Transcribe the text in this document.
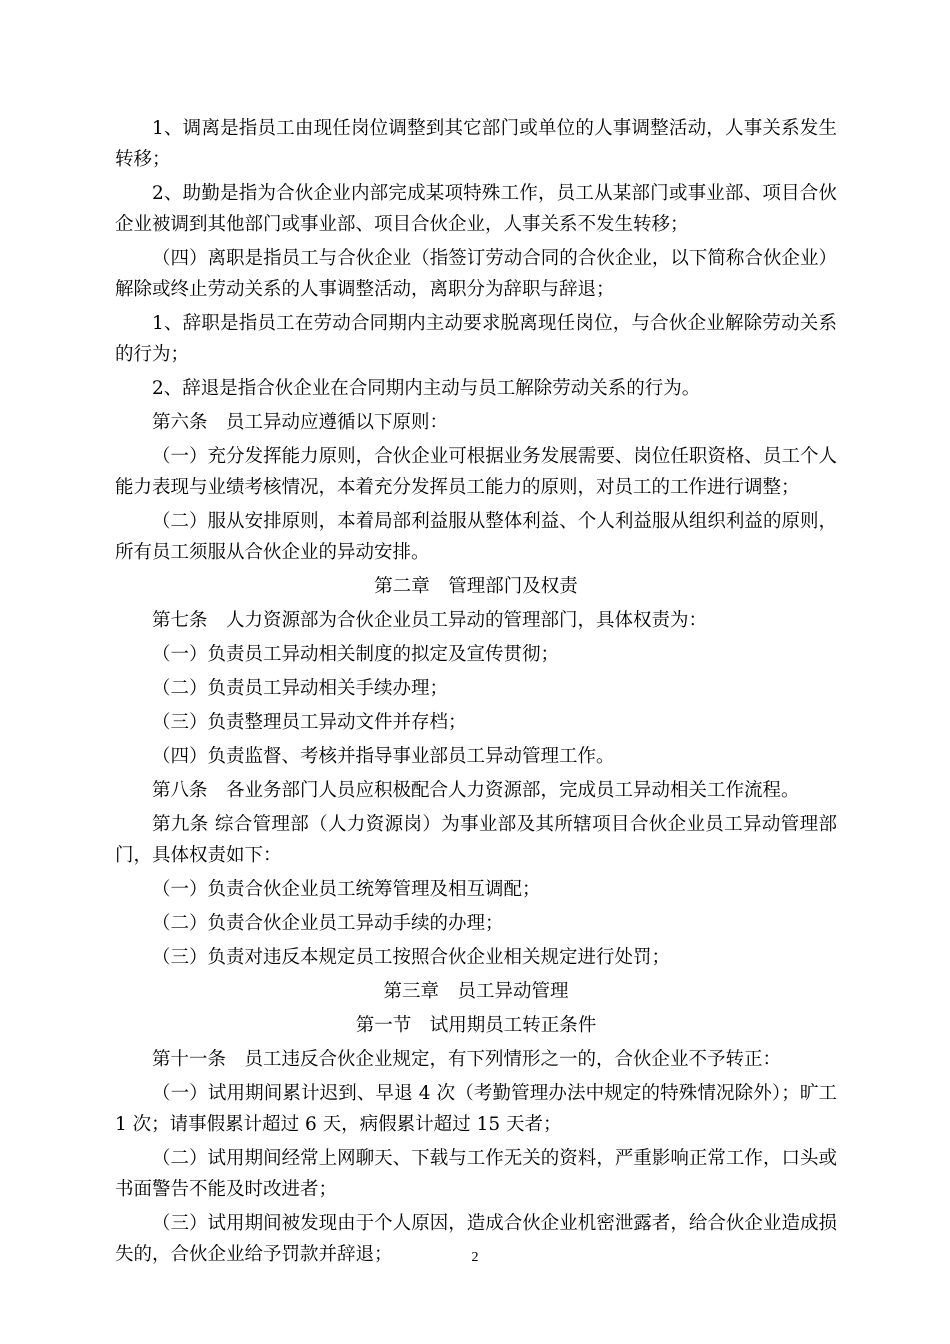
1、调离是指员工由现任岗位调整到其它部门或单位的人事调整活动，人事关系发生转移；

2、助勤是指为合伙企业内部完成某项特殊工作，员工从某部门或事业部、项目合伙企业被调到其他部门或事业部、项目合伙企业，人事关系不发生转移；

（四）离职是指员工与合伙企业（指签订劳动合同的合伙企业，以下简称合伙企业）解除或终止劳动关系的人事调整活动，离职分为辞职与辞退；

1、辞职是指员工在劳动合同期内主动要求脱离现任岗位，与合伙企业解除劳动关系的行为；

2、辞退是指合伙企业在合同期内主动与员工解除劳动关系的行为。

第六条　员工异动应遵循以下原则：

（一）充分发挥能力原则，合伙企业可根据业务发展需要、岗位任职资格、员工个人能力表现与业绩考核情况，本着充分发挥员工能力的原则，对员工的工作进行调整；

（二）服从安排原则，本着局部利益服从整体利益、个人利益服从组织利益的原则，所有员工须服从合伙企业的异动安排。

第二章　管理部门及权责

第七条　人力资源部为合伙企业员工异动的管理部门，具体权责为：

（一）负责员工异动相关制度的拟定及宣传贯彻；

（二）负责员工异动相关手续办理；

（三）负责整理员工异动文件并存档；

（四）负责监督、考核并指导事业部员工异动管理工作。

第八条　各业务部门人员应积极配合人力资源部，完成员工异动相关工作流程。

第九条 综合管理部（人力资源岗）为事业部及其所辖项目合伙企业员工异动管理部门，具体权责如下：

（一）负责合伙企业员工统筹管理及相互调配；

（二）负责合伙企业员工异动手续的办理；

（三）负责对违反本规定员工按照合伙企业相关规定进行处罚；

第三章　员工异动管理

第一节　试用期员工转正条件

第十一条　员工违反合伙企业规定，有下列情形之一的，合伙企业不予转正：

（一）试用期间累计迟到、早退 4 次（考勤管理办法中规定的特殊情况除外）；旷工 1 次；请事假累计超过 6 天，病假累计超过 15 天者；

（二）试用期间经常上网聊天、下载与工作无关的资料，严重影响正常工作，口头或书面警告不能及时改进者；

（三）试用期间被发现由于个人原因，造成合伙企业机密泄露者，给合伙企业造成损失的，合伙企业给予罚款并辞退；	2
